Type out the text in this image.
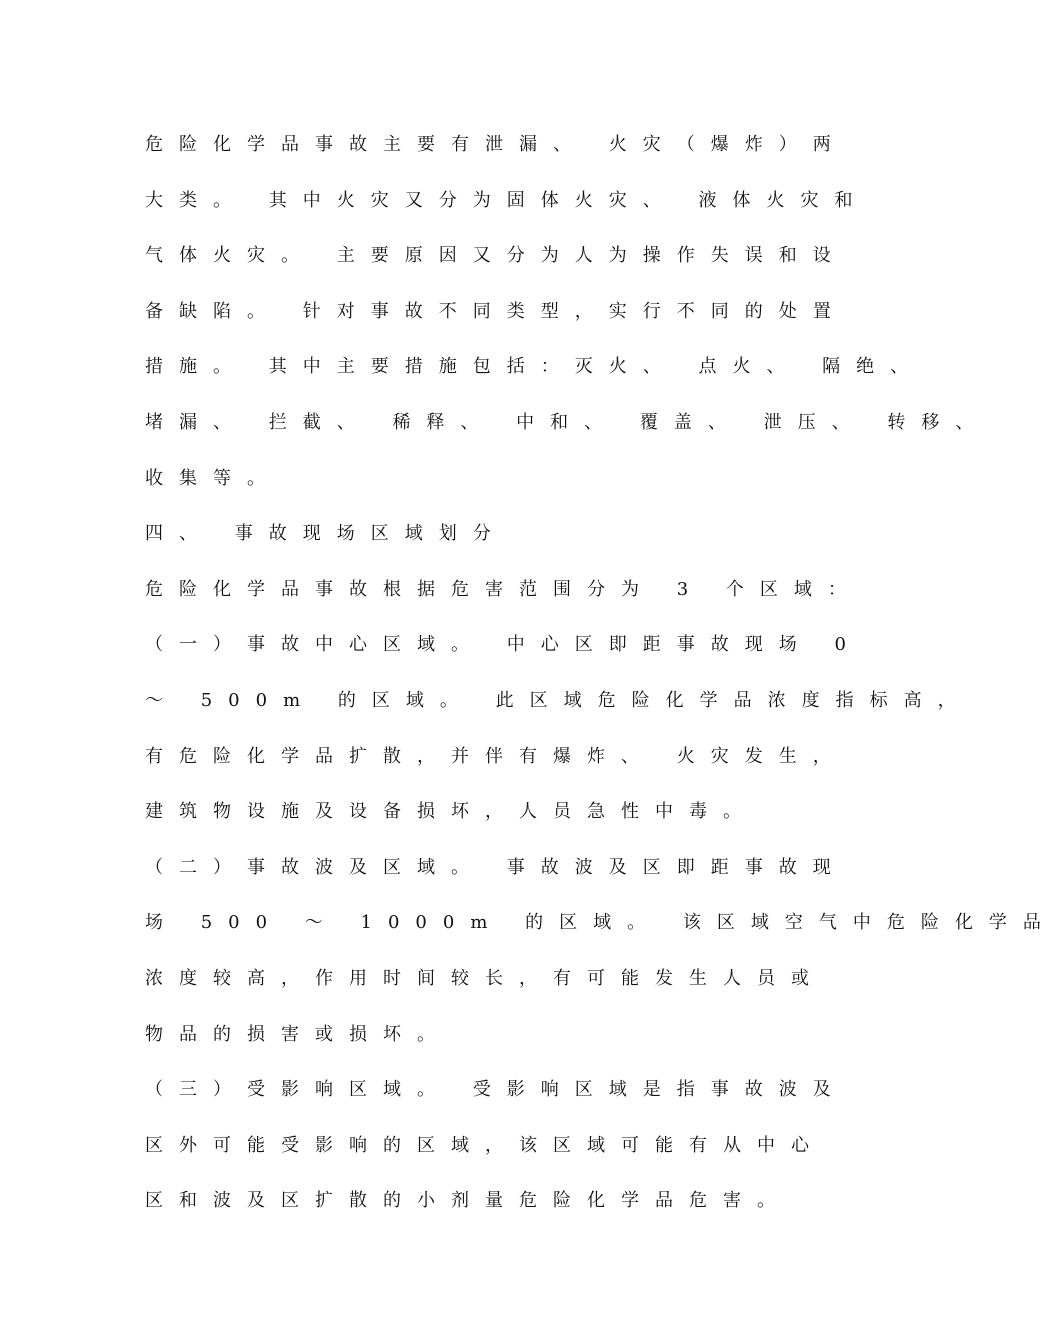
危险化学品事故主要有泄漏、 火灾（爆炸）两
大类。 其中火灾又分为固体火灾、 液体火灾和
气体火灾。 主要原因又分为人为操作失误和设
备缺陷。 针对事故不同类型，实行不同的处置
措施。 其中主要措施包括：灭火、 点火、 隔绝、
堵漏、 拦截、 稀释、 中和、 覆盖、 泄压、 转移、
收集等。
四、 事故现场区域划分
危险化学品事故根据危害范围分为 3 个区域：
（一）事故中心区域。 中心区即距事故现场 0
～ 500m 的区域。 此区域危险化学品浓度指标高，
有危险化学品扩散，并伴有爆炸、 火灾发生，
建筑物设施及设备损坏，人员急性中毒。
（二）事故波及区域。 事故波及区即距事故现
场 500 ～ 1000m 的区域。 该区域空气中危险化学品
浓度较高，作用时间较长，有可能发生人员或
物品的损害或损坏。
（三）受影响区域。 受影响区域是指事故波及
区外可能受影响的区域，该区域可能有从中心
区和波及区扩散的小剂量危险化学品危害。
